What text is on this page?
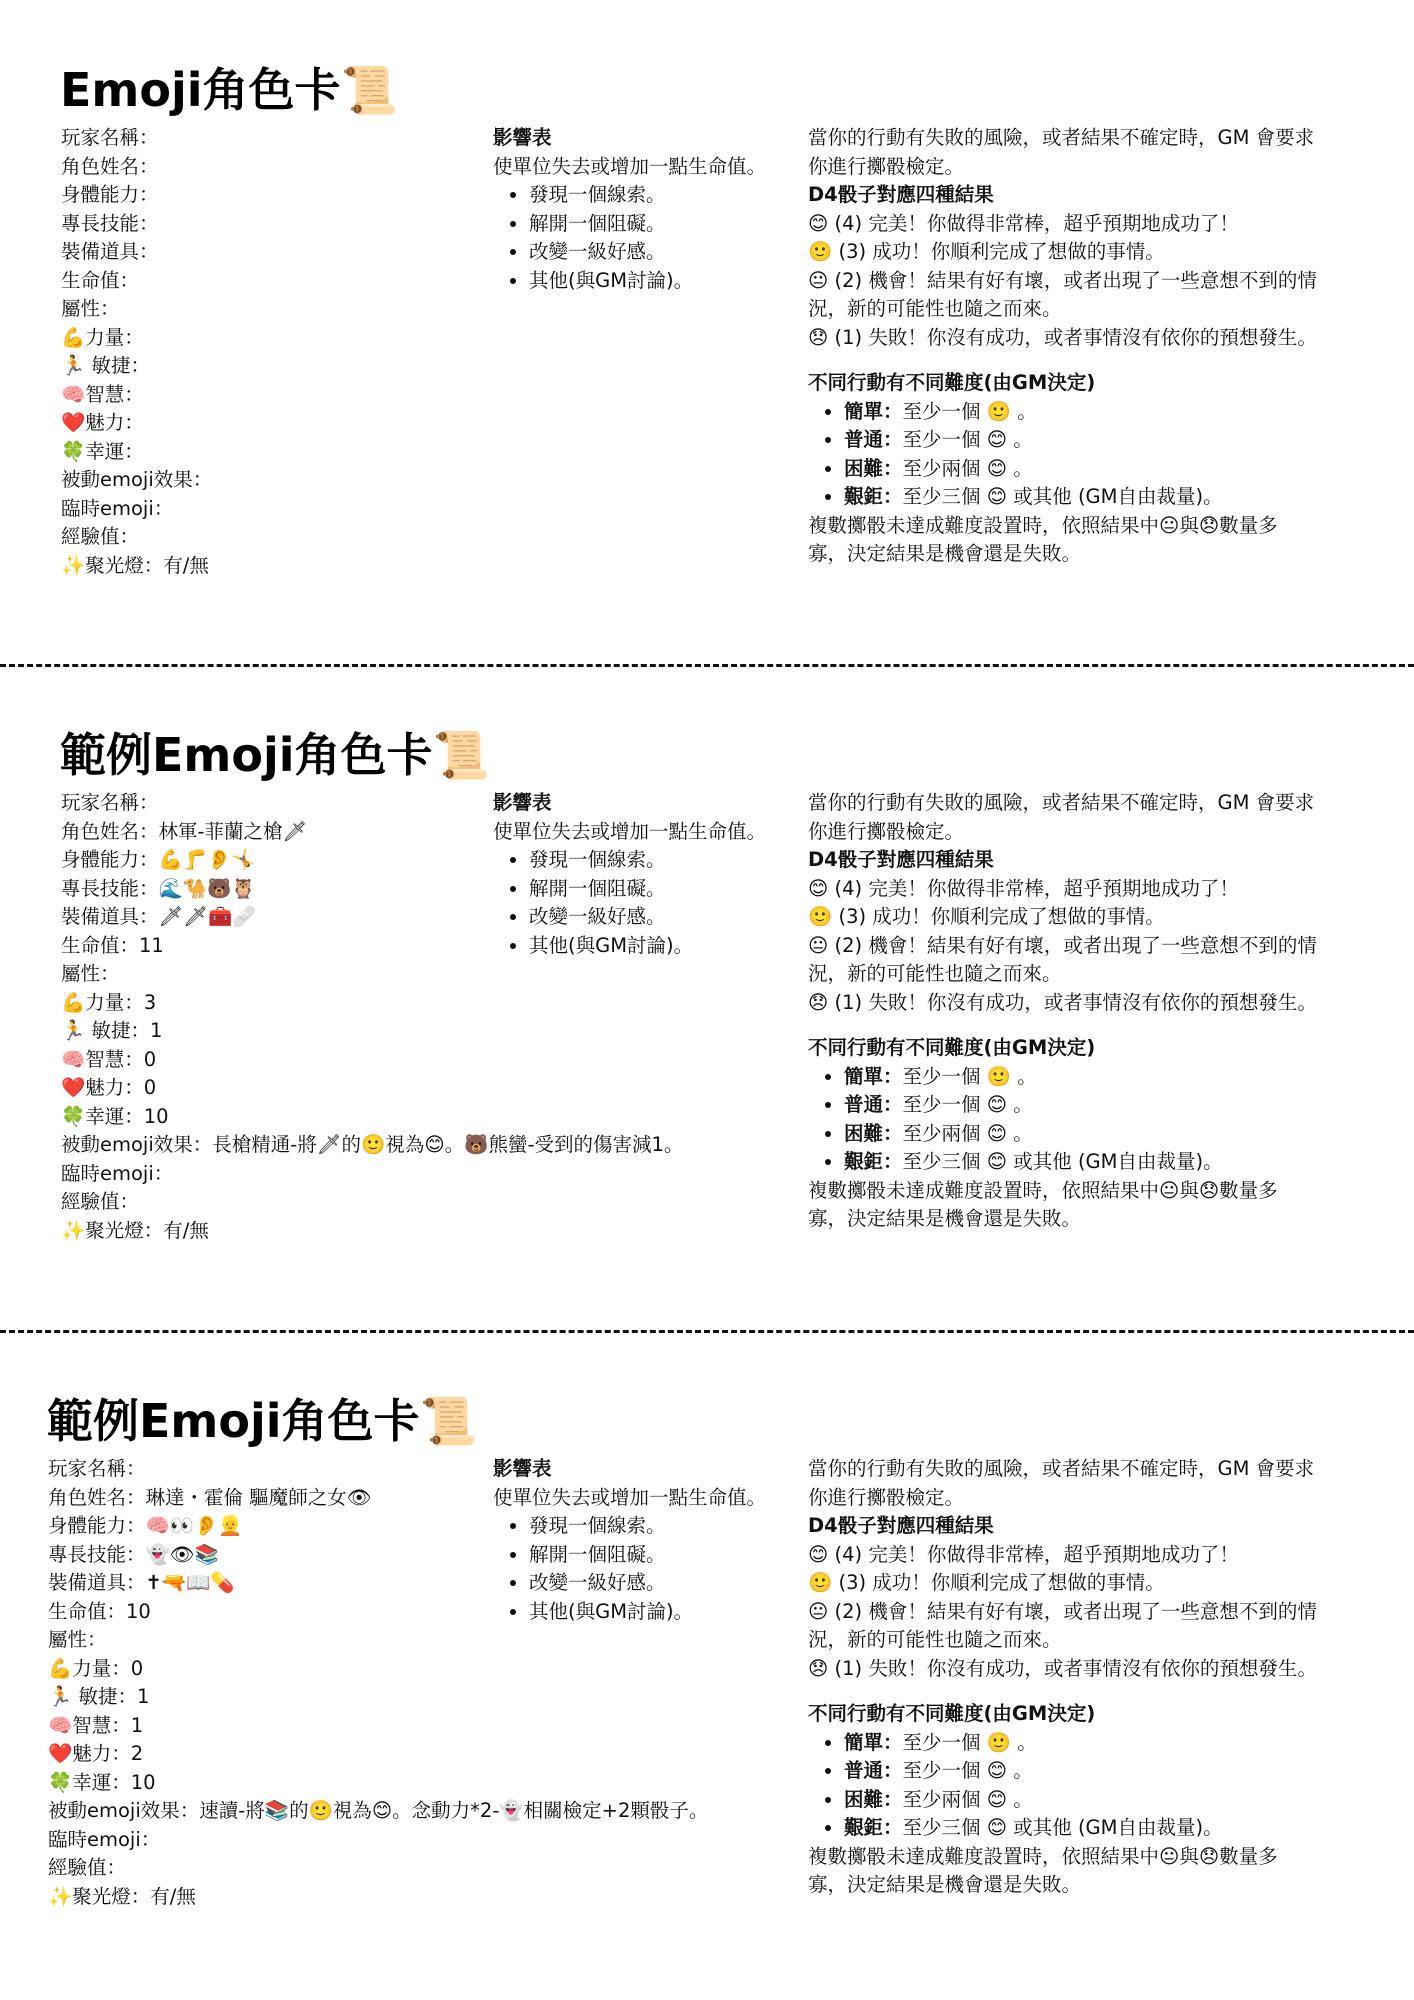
Emoji角色卡📜
玩家名稱：
角色姓名：
身體能力：
專長技能：
裝備道具：
生命值：
屬性：
💪力量：
🏃 敏捷：
🧠智慧：
❤️魅力：
🍀幸運：
被動emoji效果：
臨時emoji：
經驗值：
✨聚光燈：有/無
影響表
使單位失去或增加一點生命值。
• 發現一個線索。
• 解開一個阻礙。
• 改變一級好感。
• 其他(與GM討論)。
當你的行動有失敗的風險，或者結果不確定時，GM 會要求
你進行擲骰檢定。
D4骰子對應四種結果
😊 (4) 完美！你做得非常棒，超乎預期地成功了！
🙂 (3) 成功！你順利完成了想做的事情。
😐 (2) 機會！結果有好有壞，或者出現了一些意想不到的情
況，新的可能性也隨之而來。
😞 (1) 失敗！你沒有成功，或者事情沒有依你的預想發生。
不同行動有不同難度(由GM決定)
• 簡單：至少一個 🙂 。
• 普通：至少一個 😊 。
• 困難：至少兩個 😊 。
• 艱鉅：至少三個 😊 或其他 (GM自由裁量)。
複數擲骰未達成難度設置時，依照結果中😐與😞數量多
寡，決定結果是機會還是失敗。
範例Emoji角色卡📜
玩家名稱：
角色姓名：林軍-菲蘭之槍🗡
身體能力：💪🦵👂🤸
專長技能：🌊🐪🐻🦉
裝備道具：🗡🗡🧰🩹
生命值：11
屬性：
💪力量：3
🏃 敏捷：1
🧠智慧：0
❤️魅力：0
🍀幸運：10
被動emoji效果：長槍精通-將🗡的🙂視為😊。🐻熊蠻-受到的傷害減1。
臨時emoji：
經驗值：
✨聚光燈：有/無
影響表
使單位失去或增加一點生命值。
• 發現一個線索。
• 解開一個阻礙。
• 改變一級好感。
• 其他(與GM討論)。
當你的行動有失敗的風險，或者結果不確定時，GM 會要求
你進行擲骰檢定。
D4骰子對應四種結果
😊 (4) 完美！你做得非常棒，超乎預期地成功了！
🙂 (3) 成功！你順利完成了想做的事情。
😐 (2) 機會！結果有好有壞，或者出現了一些意想不到的情
況，新的可能性也隨之而來。
😞 (1) 失敗！你沒有成功，或者事情沒有依你的預想發生。
不同行動有不同難度(由GM決定)
• 簡單：至少一個 🙂 。
• 普通：至少一個 😊 。
• 困難：至少兩個 😊 。
• 艱鉅：至少三個 😊 或其他 (GM自由裁量)。
複數擲骰未達成難度設置時，依照結果中😐與😞數量多
寡，決定結果是機會還是失敗。
範例Emoji角色卡📜
玩家名稱：
角色姓名：琳達・霍倫 驅魔師之女👁
身體能力：🧠👀👂👱
專長技能：👻👁📚
裝備道具：✝🔫📖💊
生命值：10
屬性：
💪力量：0
🏃 敏捷：1
🧠智慧：1
❤️魅力：2
🍀幸運：10
被動emoji效果：速讀-將📚的🙂視為😊。念動力*2-👻相關檢定+2顆骰子。
臨時emoji：
經驗值：
✨聚光燈：有/無
影響表
使單位失去或增加一點生命值。
• 發現一個線索。
• 解開一個阻礙。
• 改變一級好感。
• 其他(與GM討論)。
當你的行動有失敗的風險，或者結果不確定時，GM 會要求
你進行擲骰檢定。
D4骰子對應四種結果
😊 (4) 完美！你做得非常棒，超乎預期地成功了！
🙂 (3) 成功！你順利完成了想做的事情。
😐 (2) 機會！結果有好有壞，或者出現了一些意想不到的情
況，新的可能性也隨之而來。
😞 (1) 失敗！你沒有成功，或者事情沒有依你的預想發生。
不同行動有不同難度(由GM決定)
• 簡單：至少一個 🙂 。
• 普通：至少一個 😊 。
• 困難：至少兩個 😊 。
• 艱鉅：至少三個 😊 或其他 (GM自由裁量)。
複數擲骰未達成難度設置時，依照結果中😐與😞數量多
寡，決定結果是機會還是失敗。
